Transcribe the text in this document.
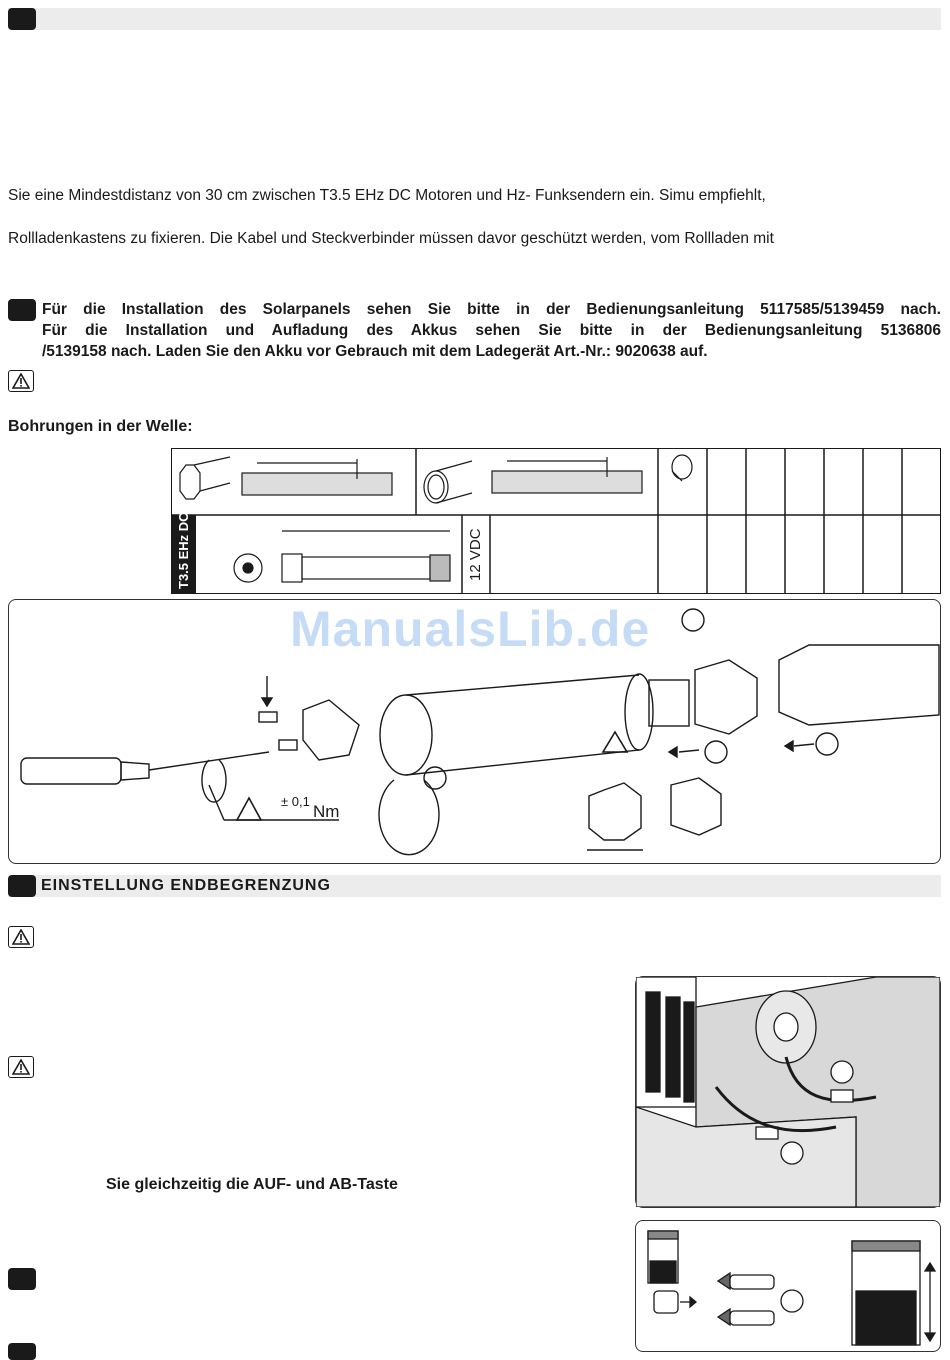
Sie eine Mindestdistanz von 30 cm zwischen T3.5 EHz DC Motoren und Hz- Funksendern ein. Simu empfiehlt,
Rollladenkastens zu fixieren. Die Kabel und Steckverbinder müssen davor geschützt werden, vom Rollladen mit
Für die Installation des Solarpanels sehen Sie bitte in der Bedienungsanleitung 5117585/5139459 nach.
Für die Installation und Aufladung des Akkus sehen Sie bitte in der Bedienungsanleitung 5136806
/5139158 nach. Laden Sie den Akku vor Gebrauch mit dem Ladegerät Art.-Nr.: 9020638 auf.
Bohrungen in der Welle:
T3.5 EHz DC	12 VDC
± 0,1
Nm
ManualsLib.de
EINSTELLUNG ENDBEGRENZUNG
Sie gleichzeitig die AUF- und AB-Taste
